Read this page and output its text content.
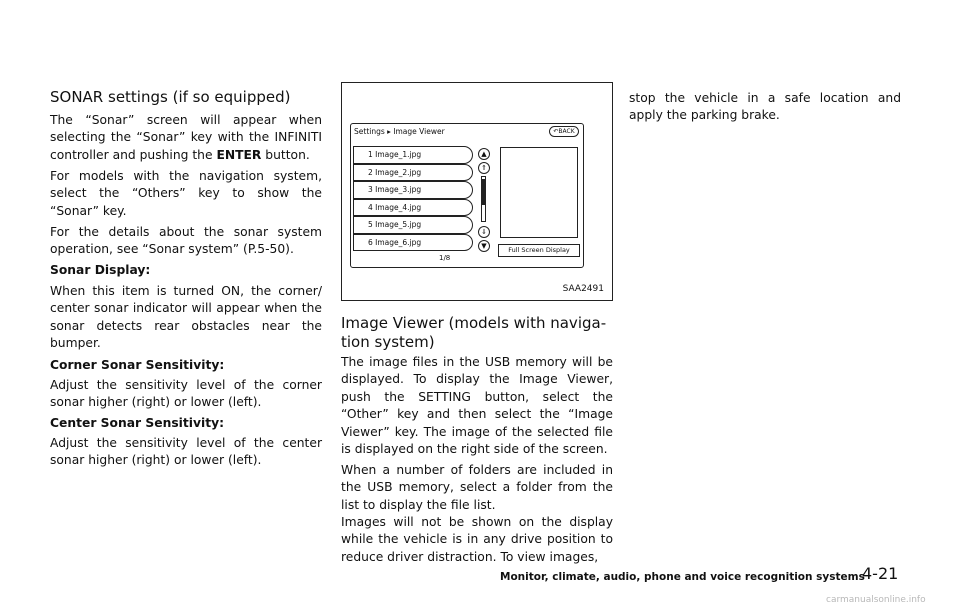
SONAR settings (if so equipped)

The “Sonar” screen will appear when selecting the “Sonar” key with the INFINITI controller and pushing the ENTER button.

For models with the navigation system, select the “Others” key to show the “Sonar” key.

For the details about the sonar system operation, see “Sonar system” (P.5-50).

Sonar Display:

When this item is turned ON, the corner/ center sonar indicator will appear when the sonar detects rear obstacles near the bumper.

Corner Sonar Sensitivity:

Adjust the sensitivity level of the corner sonar higher (right) or lower (left).

Center Sonar Sensitivity:

Adjust the sensitivity level of the center sonar higher (right) or lower (left).

Settings ▸ Image Viewer	↶BACK
1 Image_1.jpg
2 Image_2.jpg
3 Image_3.jpg
4 Image_4.jpg
5 Image_5.jpg
6 Image_6.jpg
1/8
▲
⇑
⇓
▼	Full Screen Display
SAA2491
Image Viewer (models with naviga- tion system)

The image files in the USB memory will be displayed. To display the Image Viewer, push the SETTING button, select the “Other” key and then select the “Image Viewer” key. The image of the selected file is displayed on the right side of the screen.

When a number of folders are included in the USB memory, select a folder from the list to display the file list.

Images will not be shown on the display while the vehicle is in any drive position to reduce driver distraction. To view images,

stop the vehicle in a safe location and apply the parking brake.

Monitor, climate, audio, phone and voice recognition systems
4-21
carmanualsonline.info
